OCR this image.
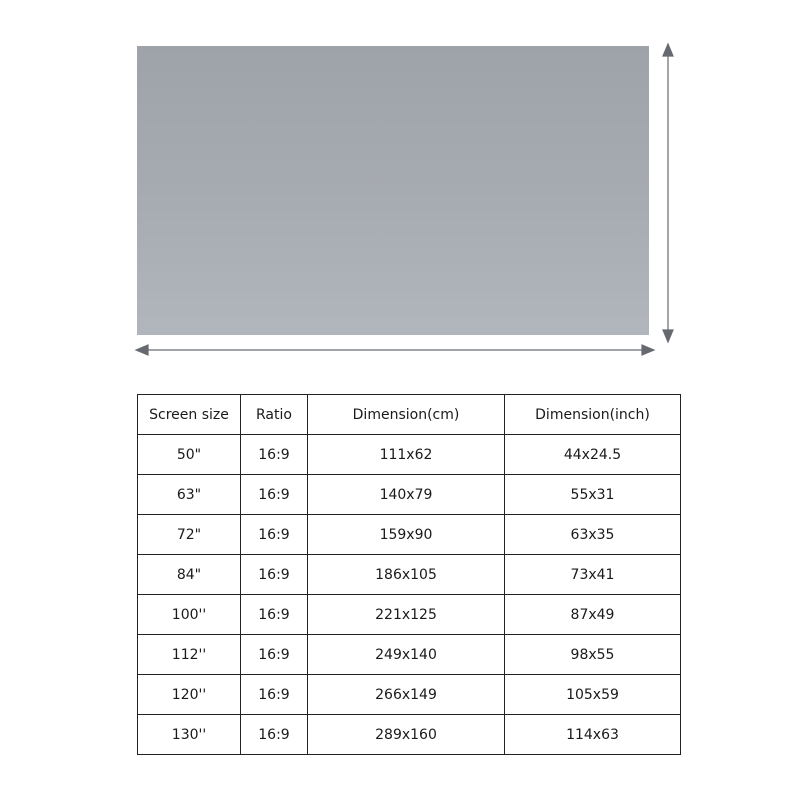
Screen size	Ratio	Dimension(cm)	Dimension(inch)
50"	16:9	111x62	44x24.5
63"	16:9	140x79	55x31
72"	16:9	159x90	63x35
84"	16:9	186x105	73x41
100''	16:9	221x125	87x49
112''	16:9	249x140	98x55
120''	16:9	266x149	105x59
130''	16:9	289x160	114x63
